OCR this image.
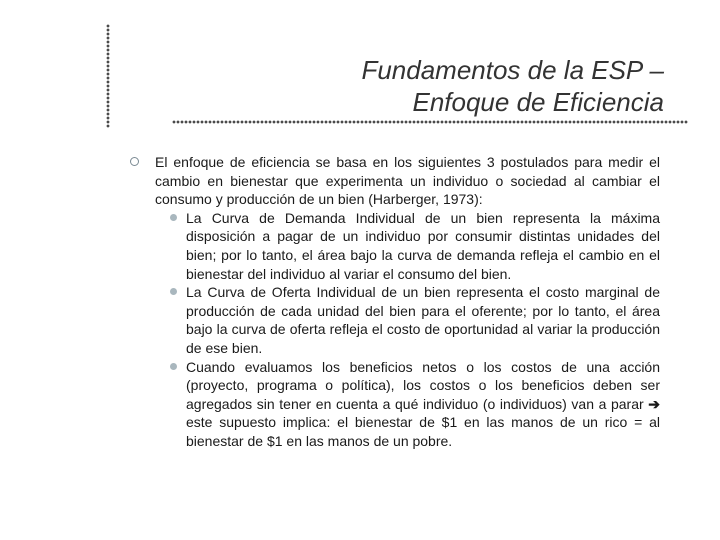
Fundamentos de la ESP –
Enfoque de Eficiencia
El enfoque de eficiencia se basa en los siguientes 3 postulados para medir el cambio en bienestar que experimenta un individuo o sociedad al cambiar el consumo y producción de un bien (Harberger, 1973):
La Curva de Demanda Individual de un bien representa la máxima disposición a pagar de un individuo por consumir distintas unidades del bien; por lo tanto, el área bajo la curva de demanda refleja el cambio en el bienestar del individuo al variar el consumo del bien.
La Curva de Oferta Individual de un bien representa el costo marginal de producción de cada unidad del bien para el oferente; por lo tanto, el área bajo la curva de oferta refleja el costo de oportunidad al variar la producción de ese bien.
Cuando evaluamos los beneficios netos o los costos de una acción (proyecto, programa o política), los costos o los beneficios deben ser agregados sin tener en cuenta a qué individuo (o individuos) van a parar ➔ este supuesto implica: el bienestar de $1 en las manos de un rico = al bienestar de $1 en las manos de un pobre.
